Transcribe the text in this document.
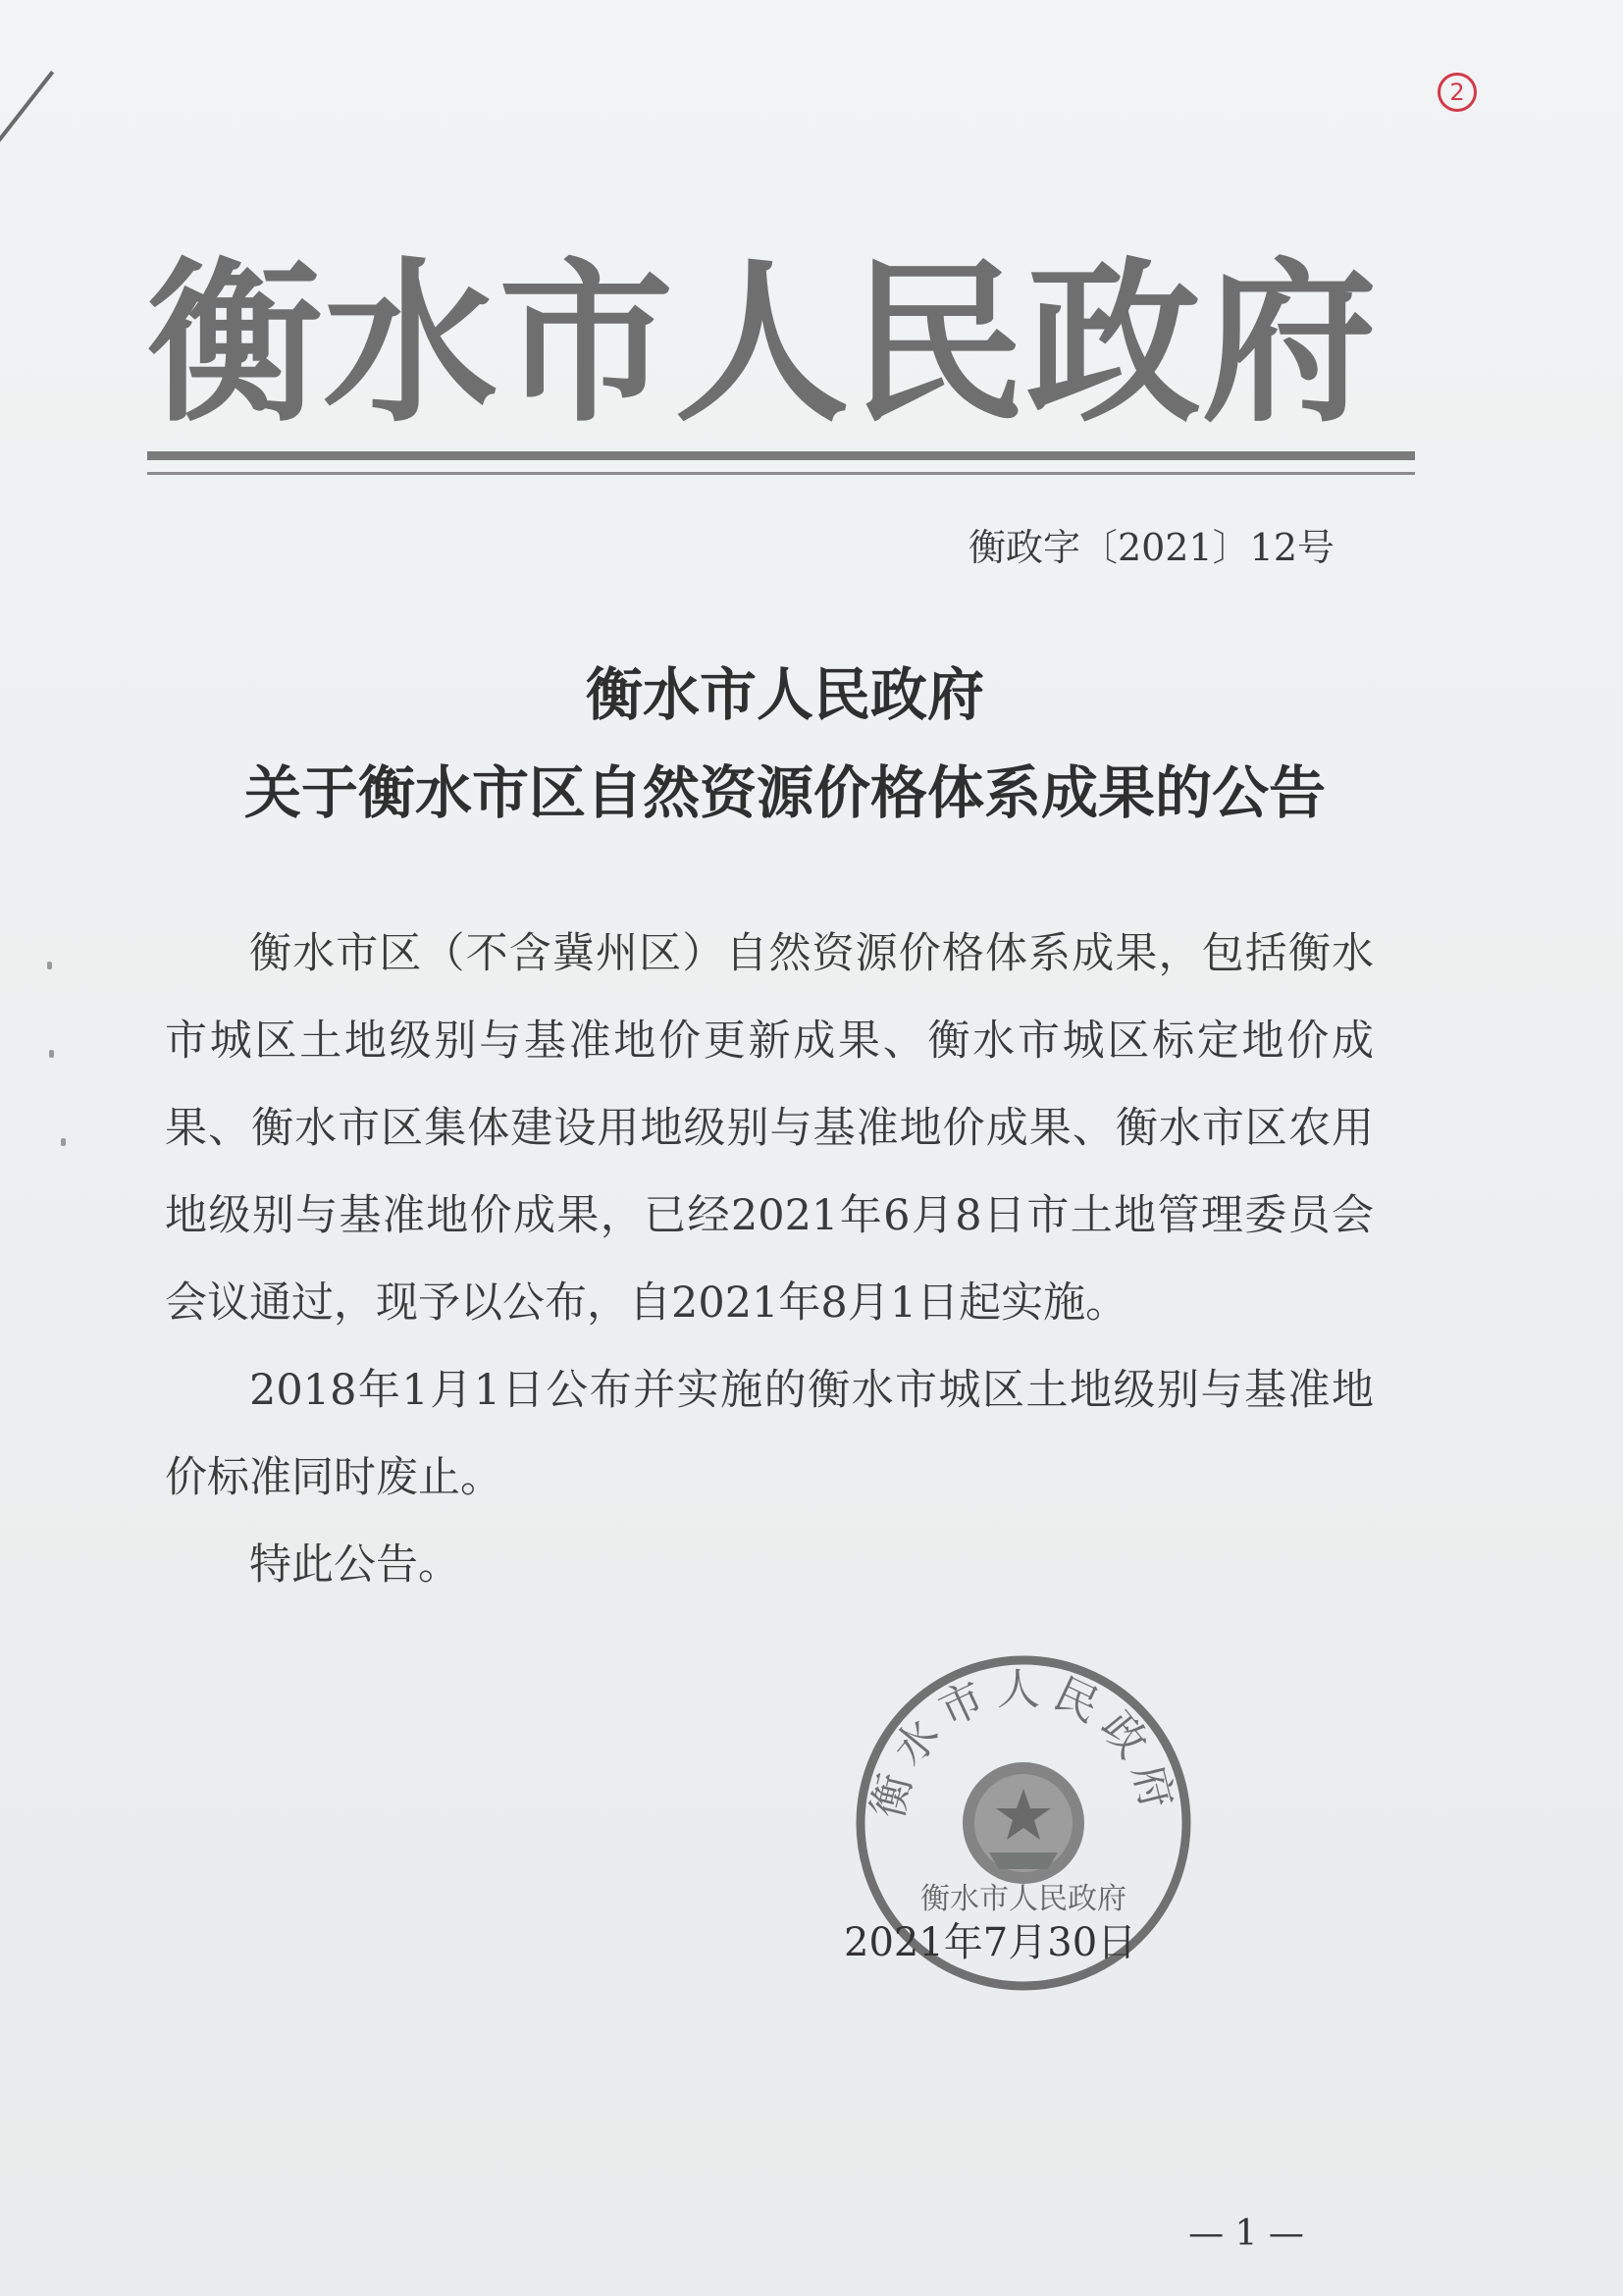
2
衡 水 市 人 民 政 府
衡政字〔2021〕12号
衡水市人民政府
关于衡水市区自然资源价格体系成果的公告

衡水市区（不含冀州区）自然资源价格体系成果，包括衡水市城区土地级别与基准地价更新成果、衡水市城区标定地价成果、衡水市区集体建设用地级别与基准地价成果、衡水市区农用地级别与基准地价成果，已经2021年6月8日市土地管理委员会会议通过，现予以公布，自2021年8月1日起实施。

2018年1月1日公布并实施的衡水市城区土地级别与基准地价标准同时废止。

特此公告。

衡水市人民政府
衡水市人民政府
2021年7月30日
— 1 —
